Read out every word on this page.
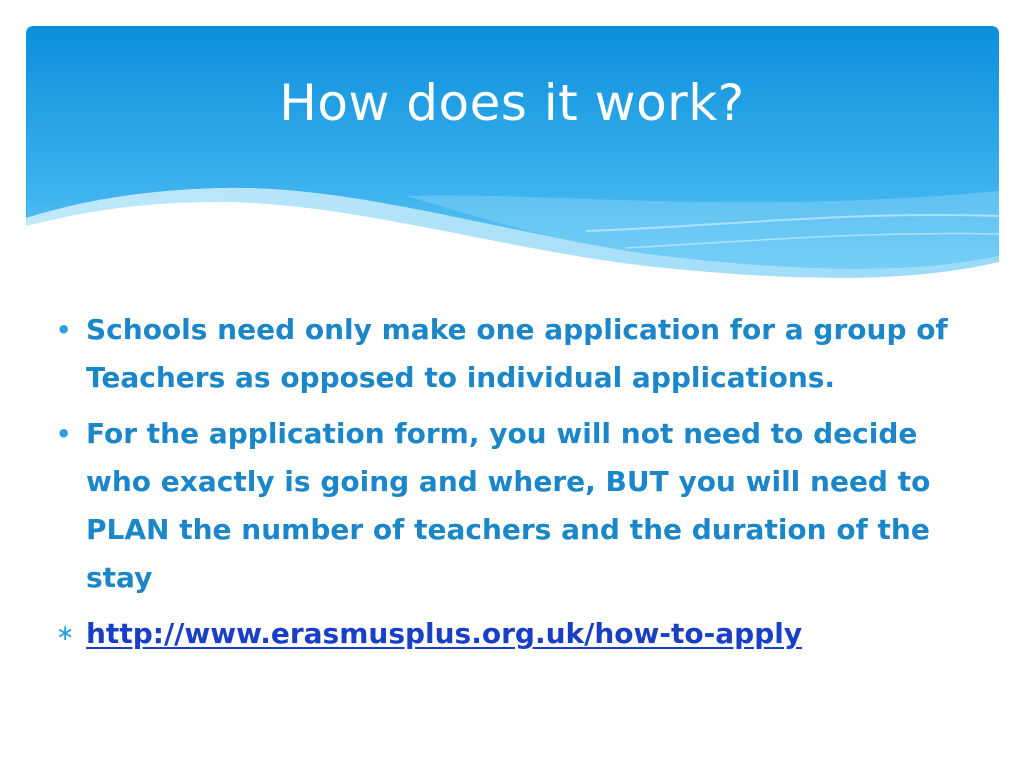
How does it work?
• Schools need only make one application for a group of Teachers as opposed to individual applications.
• For the application form, you will not need to decide who exactly is going and where, BUT you will need to PLAN the number of teachers and the duration of the stay
∗ http://www.erasmusplus.org.uk/how-to-apply
